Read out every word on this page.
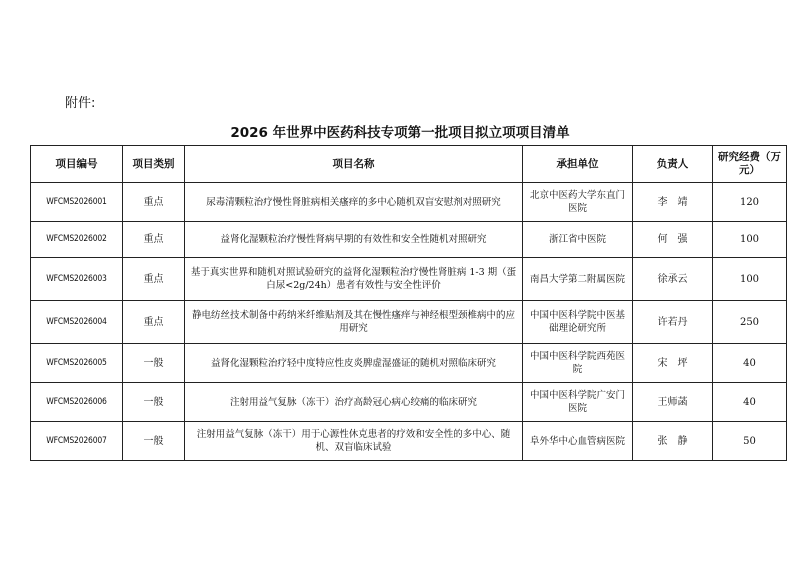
附件:
2026 年世界中医药科技专项第一批项目拟立项项目清单
项目编号	项目类别	项目名称	承担单位	负责人	研究经费（万元）
WFCMS2026001	重点	尿毒清颗粒治疗慢性肾脏病相关瘙痒的多中心随机双盲安慰剂对照研究	北京中医药大学东直门医院	李　靖	120
WFCMS2026002	重点	益肾化湿颗粒治疗慢性肾病早期的有效性和安全性随机对照研究	浙江省中医院	何　强	100
WFCMS2026003	重点	基于真实世界和随机对照试验研究的益肾化湿颗粒治疗慢性肾脏病 1-3 期（蛋白尿<2g/24h）患者有效性与安全性评价	南昌大学第二附属医院	徐承云	100
WFCMS2026004	重点	静电纺丝技术制备中药纳米纤维贴剂及其在慢性瘙痒与神经根型颈椎病中的应用研究	中国中医科学院中医基础理论研究所	许若丹	250
WFCMS2026005	一般	益肾化湿颗粒治疗轻中度特应性皮炎脾虚湿盛证的随机对照临床研究	中国中医科学院西苑医院	宋　坪	40
WFCMS2026006	一般	注射用益气复脉（冻干）治疗高龄冠心病心绞痛的临床研究	中国中医科学院广安门医院	王师菡	40
WFCMS2026007	一般	注射用益气复脉（冻干）用于心源性休克患者的疗效和安全性的多中心、随机、双盲临床试验	阜外华中心血管病医院	张　静	50
